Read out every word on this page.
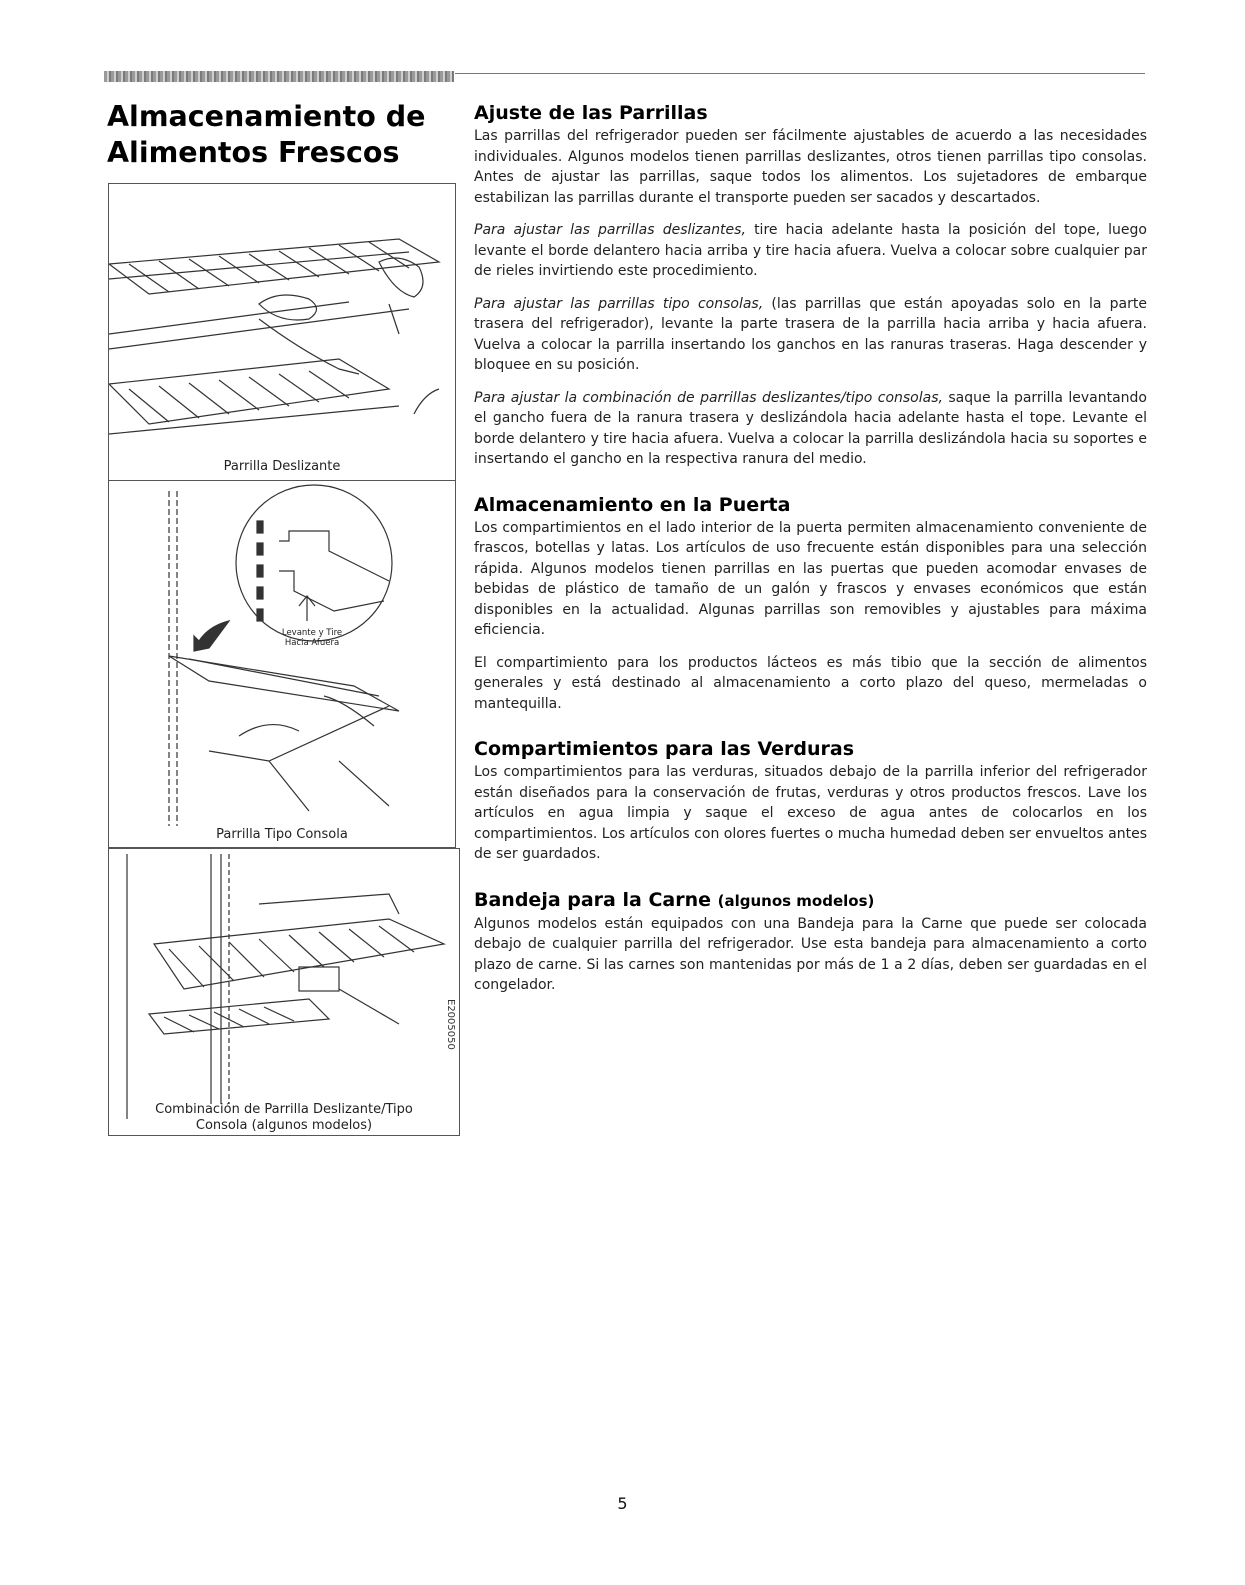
Almacenamiento de
Alimentos Frescos
Parrilla Deslizante
Levante y Tire
Hacia Afuera
Parrilla Tipo Consola
E2005050
Combinación de Parrilla Deslizante/Tipo
Consola (algunos modelos)
Ajuste de las Parrillas

Las parrillas del refrigerador pueden ser fácilmente ajustables de acuerdo a las necesidades individuales. Algunos modelos tienen parrillas deslizantes, otros tienen parrillas tipo consolas. Antes de ajustar las parrillas, saque todos los alimentos. Los sujetadores de embarque estabilizan las parrillas durante el transporte pueden ser sacados y descartados.

Para ajustar las parrillas deslizantes, tire hacia adelante hasta la posición del tope, luego levante el borde delantero hacia arriba y tire hacia afuera. Vuelva a colocar sobre cualquier par de rieles invirtiendo este procedimiento.

Para ajustar las parrillas tipo consolas, (las parrillas que están apoyadas solo en la parte trasera del refrigerador), levante la parte trasera de la parrilla hacia arriba y hacia afuera. Vuelva a colocar la parrilla insertando los ganchos en las ranuras traseras. Haga descender y bloquee en su posición.

Para ajustar la combinación de parrillas deslizantes/tipo consolas, saque la parrilla levantando el gancho fuera de la ranura trasera y deslizándola hacia adelante hasta el tope. Levante el borde delantero y tire hacia afuera. Vuelva a colocar la parrilla deslizándola hacia su soportes e insertando el gancho en la respectiva ranura del medio.

Almacenamiento en la Puerta

Los compartimientos en el lado interior de la puerta permiten almacenamiento conveniente de frascos, botellas y latas. Los artículos de uso frecuente están disponibles para una selección rápida. Algunos modelos tienen parrillas en las puertas que pueden acomodar envases de bebidas de plástico de tamaño de un galón y frascos y envases económicos que están disponibles en la actualidad. Algunas parrillas son removibles y ajustables para máxima eficiencia.

El compartimiento para los productos lácteos es más tibio que la sección de alimentos generales y está destinado al almacenamiento a corto plazo del queso, mermeladas o mantequilla.

Compartimientos para las Verduras

Los compartimientos para las verduras, situados debajo de la parrilla inferior del refrigerador están diseñados para la conservación de frutas, verduras y otros productos frescos. Lave los artículos en agua limpia y saque el exceso de agua antes de colocarlos en los compartimientos. Los artículos con olores fuertes o mucha humedad deben ser envueltos antes de ser guardados.

Bandeja para la Carne (algunos modelos)

Algunos modelos están equipados con una Bandeja para la Carne que puede ser colocada debajo de cualquier parrilla del refrigerador. Use esta bandeja para almacenamiento a corto plazo de carne. Si las carnes son mantenidas por más de 1 a 2 días, deben ser guardadas en el congelador.

5
